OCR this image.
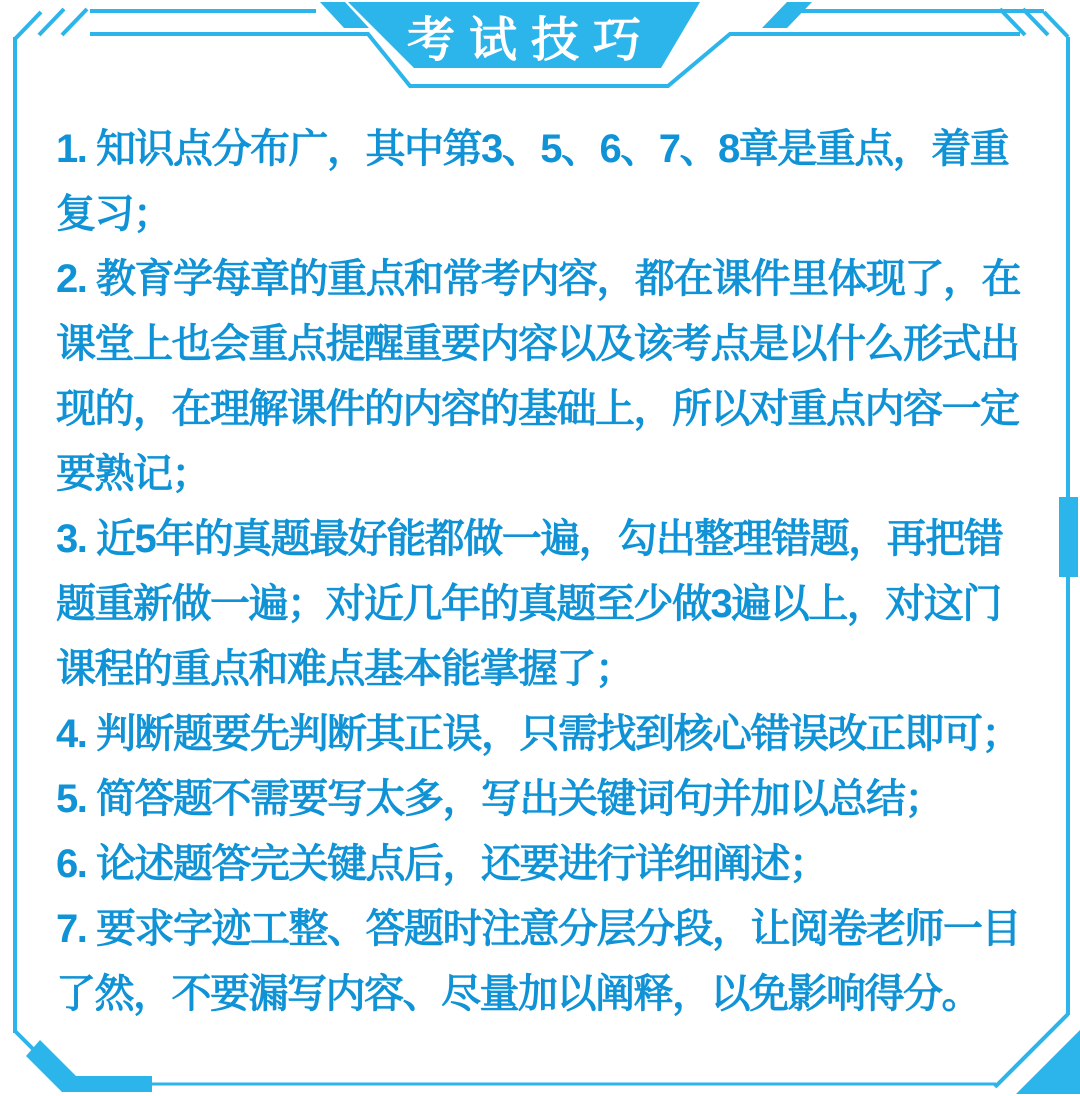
考试技巧
1. 知识点分布广，其中第3、5、6、7、8章是重点，着重
复习；
2. 教育学每章的重点和常考内容，都在课件里体现了，在
课堂上也会重点提醒重要内容以及该考点是以什么形式出
现的，在理解课件的内容的基础上，所以对重点内容一定
要熟记；
3. 近5年的真题最好能都做一遍，勾出整理错题，再把错
题重新做一遍；对近几年的真题至少做3遍以上，对这门
课程的重点和难点基本能掌握了；
4. 判断题要先判断其正误，只需找到核心错误改正即可；
5. 简答题不需要写太多，写出关键词句并加以总结；
6. 论述题答完关键点后，还要进行详细阐述；
7. 要求字迹工整、答题时注意分层分段，让阅卷老师一目
了然，不要漏写内容、尽量加以阐释，以免影响得分。
